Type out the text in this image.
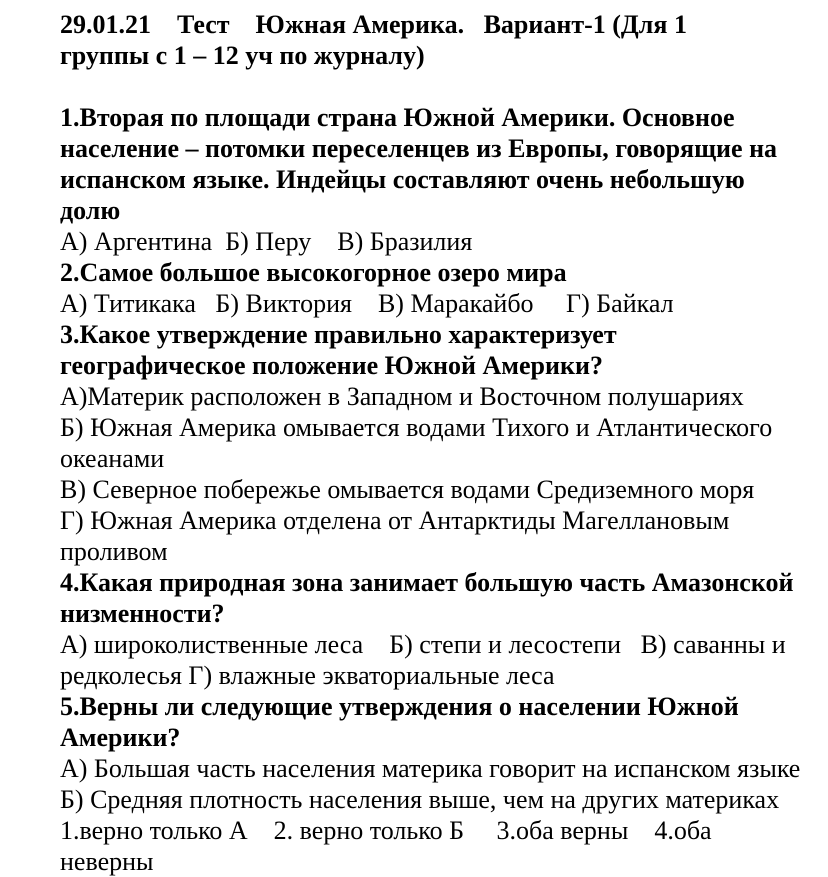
29.01.21    Тест    Южная Америка.   Вариант-1 (Для 1
группы с 1 – 12 уч по журналу)

1.Вторая по площади страна Южной Америки. Основное
население – потомки переселенцев из Европы, говорящие на
испанском языке. Индейцы составляют очень небольшую
долю
А) Аргентина  Б) Перу    В) Бразилия
2.Самое большое высокогорное озеро мира
А) Титикака   Б) Виктория    В) Маракайбо     Г) Байкал
3.Какое утверждение правильно характеризует
географическое положение Южной Америки?
А)Материк расположен в Западном и Восточном полушариях
Б) Южная Америка омывается водами Тихого и Атлантического
океанами
В) Северное побережье омывается водами Средиземного моря
Г) Южная Америка отделена от Антарктиды Магеллановым
проливом
4.Какая природная зона занимает большую часть Амазонской
низменности?
А) широколиственные леса    Б) степи и лесостепи   В) саванны и
редколесья Г) влажные экваториальные леса
5.Верны ли следующие утверждения о населении Южной
Америки?
А) Большая часть населения материка говорит на испанском языке
Б) Средняя плотность населения выше, чем на других материках
1.верно только А    2. верно только Б     3.оба верны    4.оба
неверны
